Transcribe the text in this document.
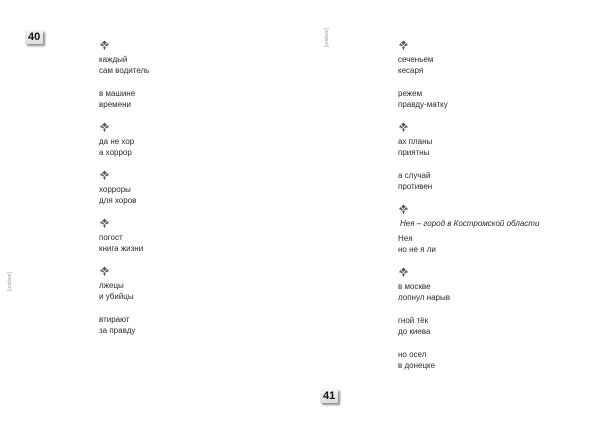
[unclear]
40
каждый
сам водитель
в машине
времени
да не хор
а хоррор
хорроры
для хоров
погост
книга жизни
лжецы
и убийцы
втирают
за правду
[unclear]
41
сеченьем
кесаря
режем
правду-матку
ах планы
приятны
а случай
противен
Нея – город в Костромской области
Нея
но не я ли
в москве
лопнул нарыв
гной тёк
до киева
но осел
в донецке
